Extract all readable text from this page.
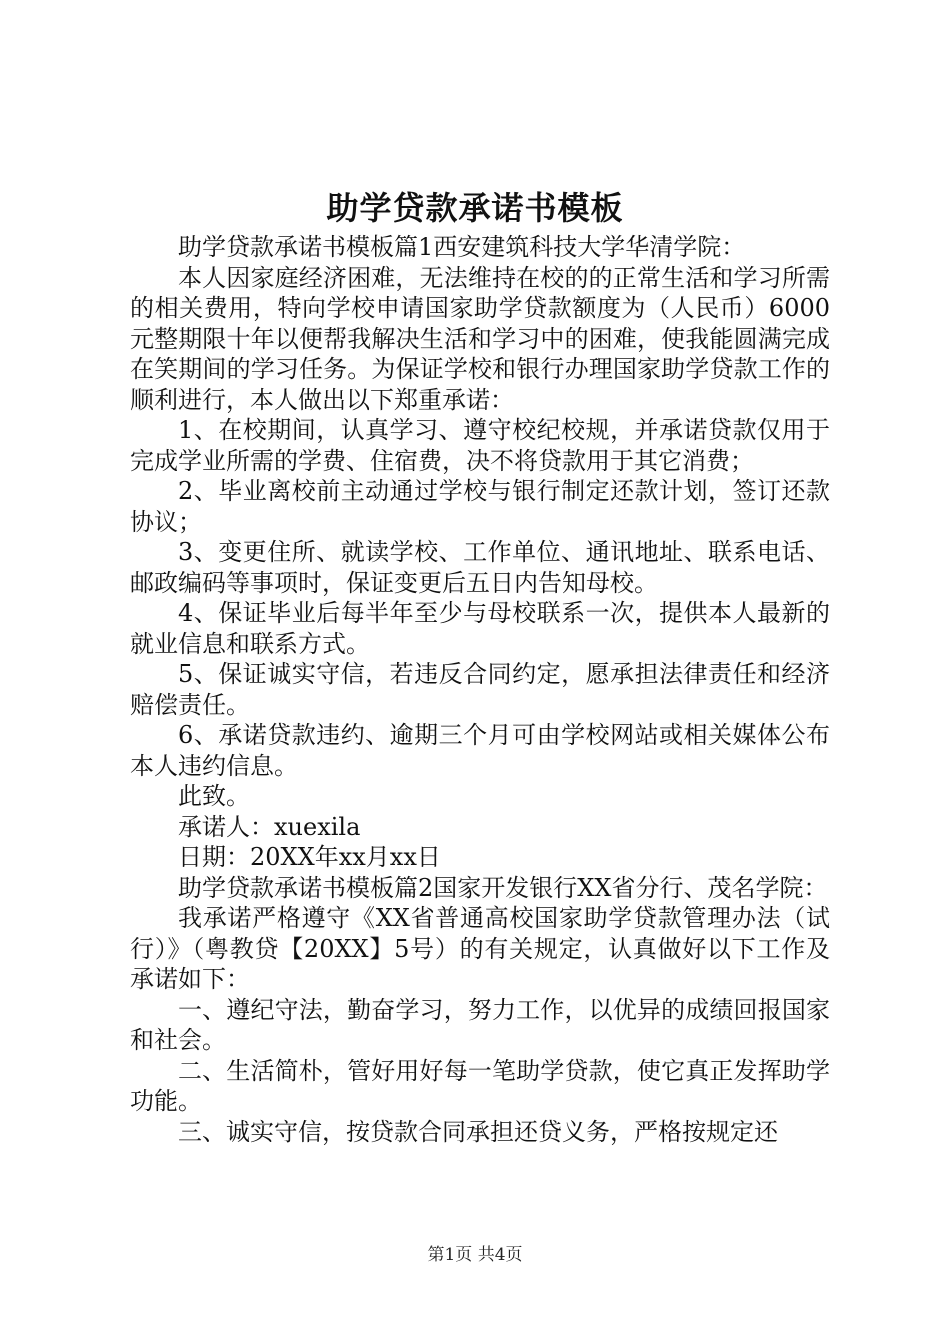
助学贷款承诺书模板

助学贷款承诺书模板篇1西安建筑科技大学华清学院：

本人因家庭经济困难，无法维持在校的的正常生活和学习所需的相关费用，特向学校申请国家助学贷款额度为（人民币）6000元整期限十年以便帮我解决生活和学习中的困难，使我能圆满完成在笑期间的学习任务。为保证学校和银行办理国家助学贷款工作的顺利进行，本人做出以下郑重承诺：

1、在校期间，认真学习、遵守校纪校规，并承诺贷款仅用于完成学业所需的学费、住宿费，决不将贷款用于其它消费；

2、毕业离校前主动通过学校与银行制定还款计划，签订还款协议；

3、变更住所、就读学校、工作单位、通讯地址、联系电话、邮政编码等事项时，保证变更后五日内告知母校。

4、保证毕业后每半年至少与母校联系一次，提供本人最新的就业信息和联系方式。

5、保证诚实守信，若违反合同约定，愿承担法律责任和经济赔偿责任。

6、承诺贷款违约、逾期三个月可由学校网站或相关媒体公布本人违约信息。

此致。

承诺人：xuexila

日期：20XX年xx月xx日

助学贷款承诺书模板篇2国家开发银行XX省分行、茂名学院：

我承诺严格遵守《XX省普通高校国家助学贷款管理办法（试行）》（粤教贷【20XX】5号）的有关规定，认真做好以下工作及承诺如下：

一、遵纪守法，勤奋学习，努力工作，以优异的成绩回报国家和社会。

二、生活简朴，管好用好每一笔助学贷款，使它真正发挥助学功能。

三、诚实守信，按贷款合同承担还贷义务，严格按规定还

第1页 共4页
